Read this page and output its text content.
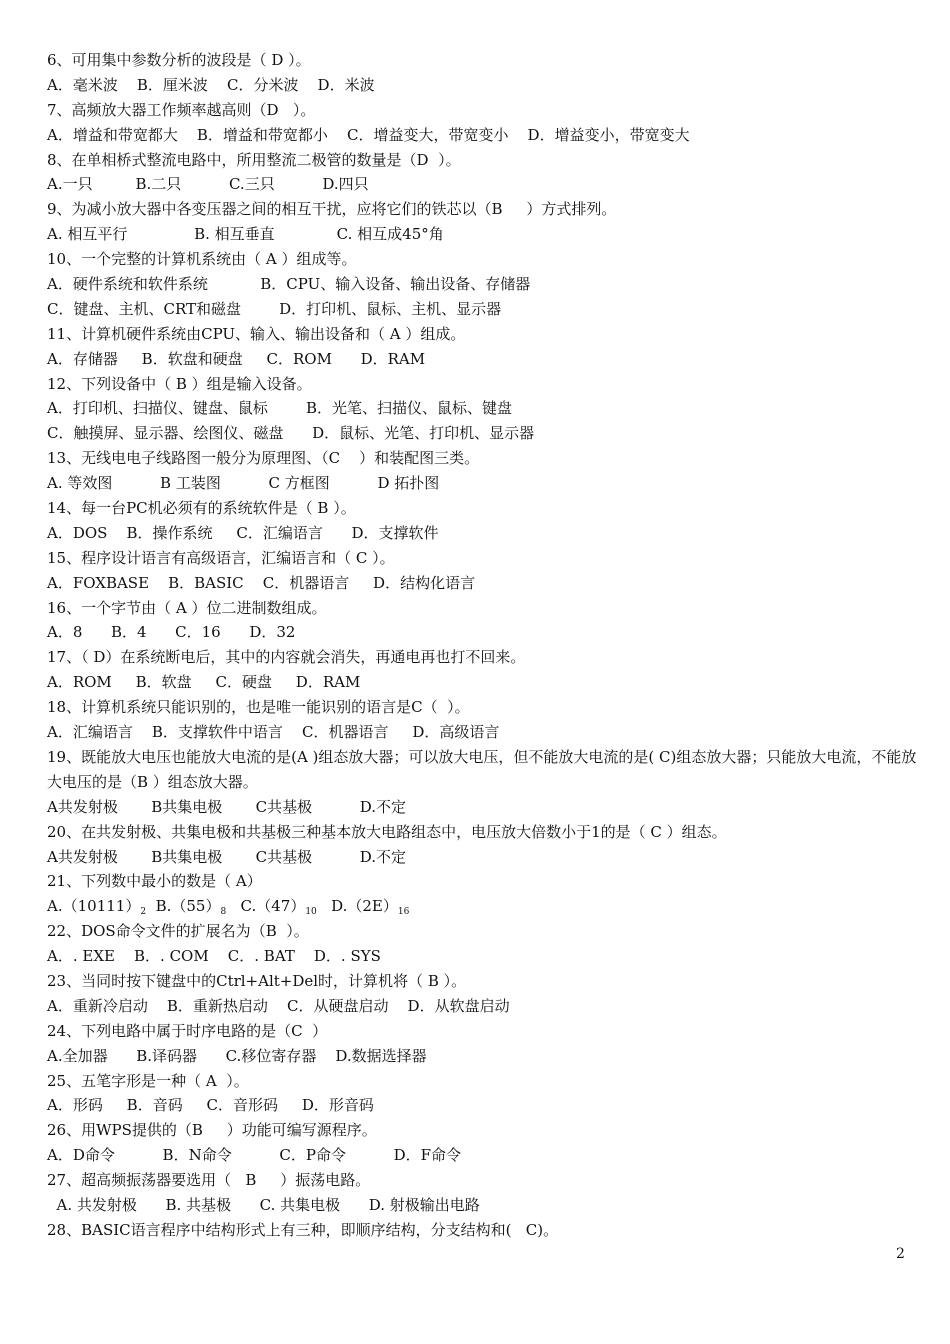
6、可用集中参数分析的波段是（ D ）。
A．毫米波    B．厘米波    C．分米波    D．米波
7、高频放大器工作频率越高则（D   ）。
A．增益和带宽都大    B．增益和带宽都小    C．增益变大，带宽变小    D．增益变小，带宽变大
8、在单相桥式整流电路中，所用整流二极管的数量是（D  ）。
A.一只         B.二只          C.三只          D.四只
9、为减小放大器中各变压器之间的相互干扰，应将它们的铁芯以（B     ）方式排列。
A. 相互平行              B. 相互垂直             C. 相互成45°角
10、一个完整的计算机系统由（ A ）组成等。
A．硬件系统和软件系统           B．CPU、输入设备、输出设备、存储器
C．键盘、主机、CRT和磁盘        D．打印机、鼠标、主机、显示器
11、计算机硬件系统由CPU、输入、输出设备和（ A ）组成。
A．存储器     B．软盘和硬盘     C．ROM      D．RAM
12、下列设备中（ B ）组是输入设备。
A．打印机、扫描仪、键盘、鼠标        B．光笔、扫描仪、鼠标、键盘
C．触摸屏、显示器、绘图仪、磁盘      D．鼠标、光笔、打印机、显示器
13、无线电电子线路图一般分为原理图、（C    ）和装配图三类。
A. 等效图          B 工装图          C 方框图          D 拓扑图
14、每一台PC机必须有的系统软件是（ B ）。
A．DOS    B．操作系统     C．汇编语言      D．支撑软件
15、程序设计语言有高级语言，汇编语言和（ C ）。
A．FOXBASE    B．BASIC    C．机器语言     D．结构化语言
16、一个字节由（ A ）位二进制数组成。
A．8      B．4      C．16      D．32
17、（ D）在系统断电后，其中的内容就会消失，再通电再也打不回来。
A．ROM     B．软盘     C．硬盘     D．RAM
18、计算机系统只能识别的，也是唯一能识别的语言是C（  ）。
A．汇编语言    B．支撑软件中语言    C．机器语言     D．高级语言
19、既能放大电压也能放大电流的是(A )组态放大器；可以放大电压，但不能放大电流的是( C)组态放大器；只能放大电流，不能放大电压的是（B ）组态放大器。
A共发射极       B共集电极       C共基极          D.不定
20、在共发射极、共集电极和共基极三种基本放大电路组态中，电压放大倍数小于1的是（ C ）组态。
A共发射极       B共集电极       C共基极          D.不定
21、下列数中最小的数是（ A）
$A.(10111)_2$  $B.(55)_8$   $C.(47)_{10}$   $D.(2E)_{16}$
22、DOS命令文件的扩展名为（B  ）。
A．. EXE    B．. COM    C．. BAT    D．. SYS
23、当同时按下键盘中的Ctrl+Alt+Del时，计算机将（ B ）。
A．重新冷启动    B．重新热启动    C．从硬盘启动    D．从软盘启动
24、下列电路中属于时序电路的是（C  ）
A.全加器      B.译码器      C.移位寄存器    D.数据选择器
25、五笔字形是一种（ A  ）。
A．形码     B．音码     C．音形码     D．形音码
26、用WPS提供的（B     ）功能可编写源程序。
A．D命令          B．N命令          C．P命令          D．F命令
27、超高频振荡器要选用（   B     ）振荡电路。
A. 共发射极      B. 共基极      C. 共集电极      D. 射极输出电路
28、BASIC语言程序中结构形式上有三种，即顺序结构，分支结构和(   C)。
2
